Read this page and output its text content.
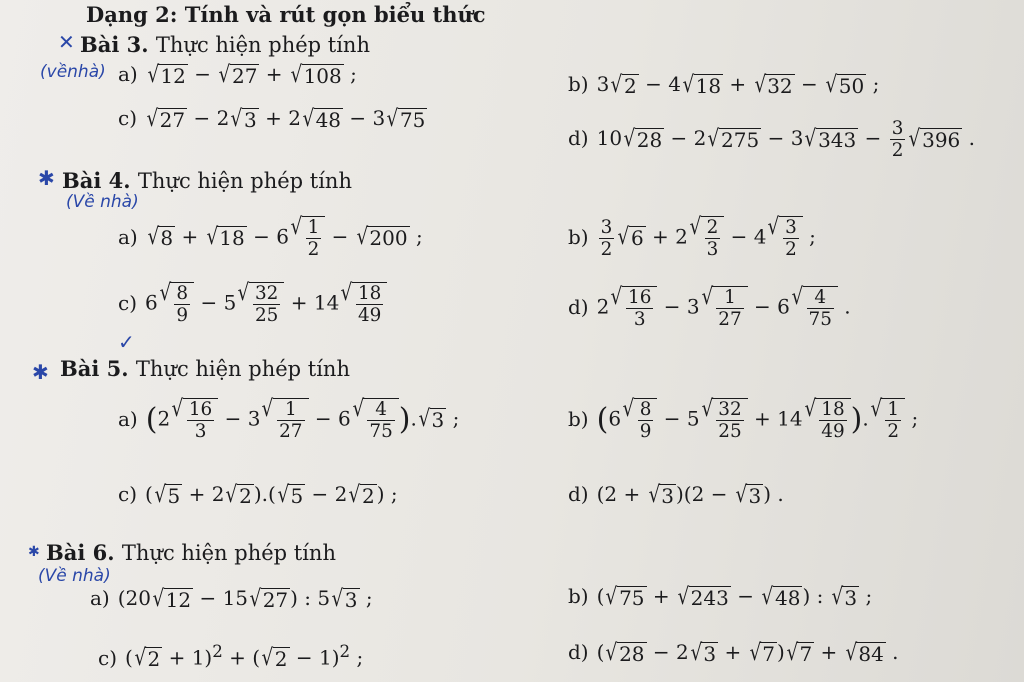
Dạng 2: Tính và rút gọn biểu thức
✕ Bài 3. Thực hiện phép tính
(vềnhà) a) √ 12 − √ 27 + √ 108 ;	b)3 √ 2 − 4 √ 18 + √ 32 − √ 50 ;
c) √ 27 − 2 √ 3 + 2 √ 48 − 3 √ 75
d)10 √ 28 − 2 √ 275 − 3 √ $343 - \frac{3}{2}$ √ 396 .
✱ Bài 4. Thực hiện phép tính
(Về nhà)
a) √ 8 + √ 18 − 6 √ $\frac{1}{2}$ − √ 200 ;	$b) \frac{3}{2}$ √ 6 + 2 √ $\frac{2}{3} - 4$ √ $\frac{3}{2}$ ;
c)6 √ $\frac{8}{9} - 5$ √ $\frac{32}{25} + 14$ √ $\frac{18}{49}$
✓
d)2 √ $\frac{16}{3} - 3$ √ $\frac{1}{27} - 6$ √ $\frac{4}{75}$ .
✱ Bài 5. Thực hiện phép tính
a) (2 √ $\frac{16}{3} - 3$ √ $\frac{1}{27} - 6$ √ $\frac{4}{75}$ ). √ 3 ;	b) (6 √ $\frac{8}{9} - 5$ √ $\frac{32}{25} + 14$ √ $\frac{18}{49}$ ). √ $\frac{1}{2}$ ;
c)( √ 5 + 2 √ 2 ).( √ 5 − 2 √ 2 ) ;	d)(2 + √ 3 )(2 − √ 3 ) .
✱ Bài 6. Thực hiện phép tính
(Về nhà)
a)(20 √ 12 − 15 √ 27 ) : 5 √ 3 ;	b)( √ 75 + √ 243 − √ 48 ) : √ 3 ;
c)( √ 2 + 1)$^2$ + ( √ 2 − 1)$^2$ ;	d)( √ 28 − 2 √ 3 + √ 7 ) √ 7 + √ 84 .
